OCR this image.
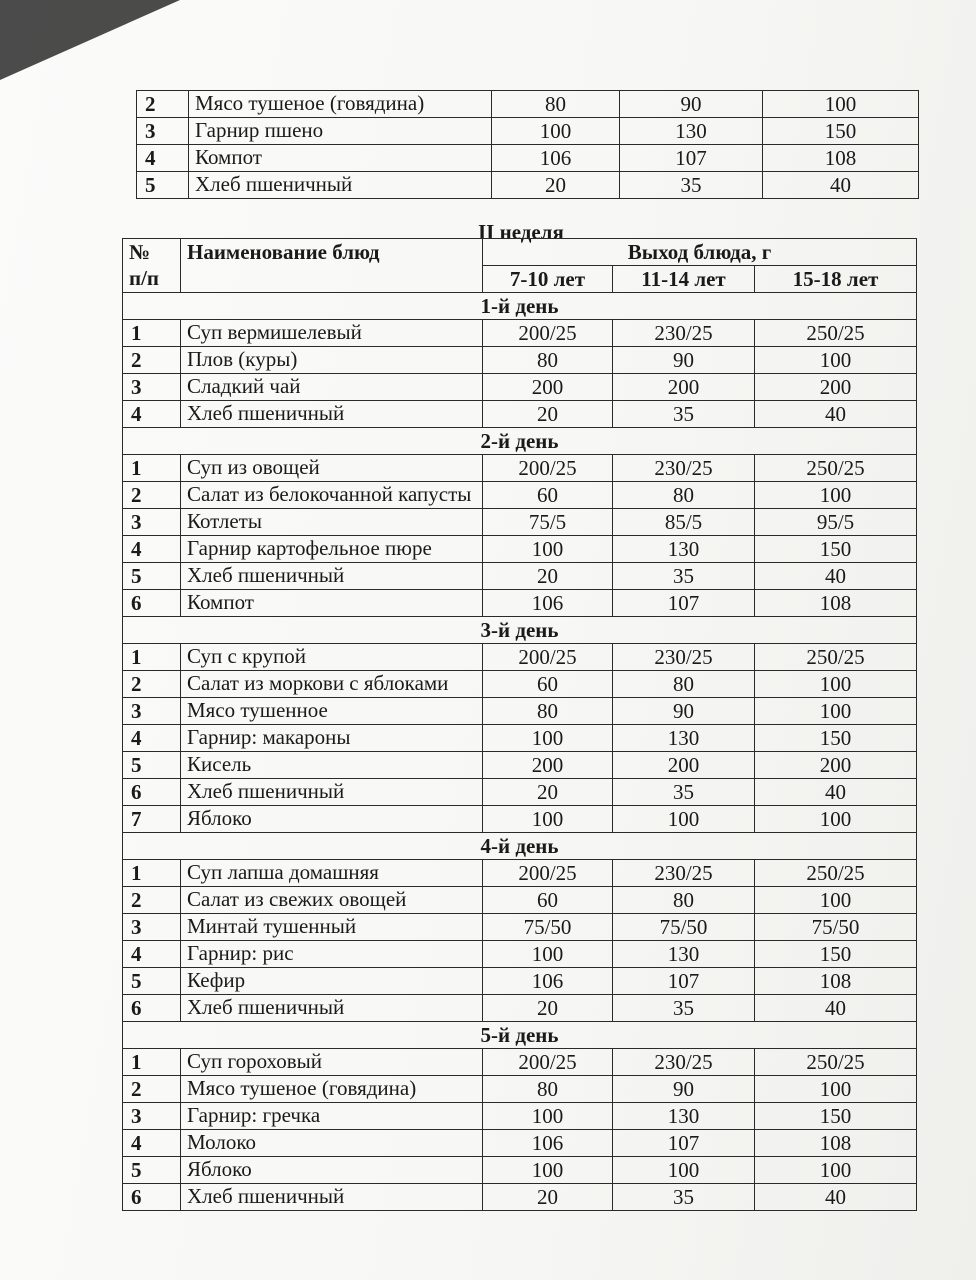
2	Мясо тушеное (говядина)	80	90	100
3	Гарнир пшено	100	130	150
4	Компот	106	107	108
5	Хлеб пшеничный	20	35	40
II неделя
№
п/п	Наименование блюд	Выход блюда, г		
		7-10 лет	11-14 лет	15-18 лет
1-й день				
1	Суп вермишелевый	200/25	230/25	250/25
2	Плов (куры)	80	90	100
3	Сладкий чай	200	200	200
4	Хлеб пшеничный	20	35	40
2-й день				
1	Суп из овощей	200/25	230/25	250/25
2	Салат из белокочанной капусты	60	80	100
3	Котлеты	75/5	85/5	95/5
4	Гарнир картофельное пюре	100	130	150
5	Хлеб пшеничный	20	35	40
6	Компот	106	107	108
3-й день				
1	Суп с крупой	200/25	230/25	250/25
2	Салат из моркови с яблоками	60	80	100
3	Мясо тушенное	80	90	100
4	Гарнир: макароны	100	130	150
5	Кисель	200	200	200
6	Хлеб пшеничный	20	35	40
7	Яблоко	100	100	100
4-й день				
1	Суп лапша домашняя	200/25	230/25	250/25
2	Салат из свежих овощей	60	80	100
3	Минтай тушенный	75/50	75/50	75/50
4	Гарнир: рис	100	130	150
5	Кефир	106	107	108
6	Хлеб пшеничный	20	35	40
5-й день				
1	Суп гороховый	200/25	230/25	250/25
2	Мясо тушеное (говядина)	80	90	100
3	Гарнир: гречка	100	130	150
4	Молоко	106	107	108
5	Яблоко	100	100	100
6	Хлеб пшеничный	20	35	40
